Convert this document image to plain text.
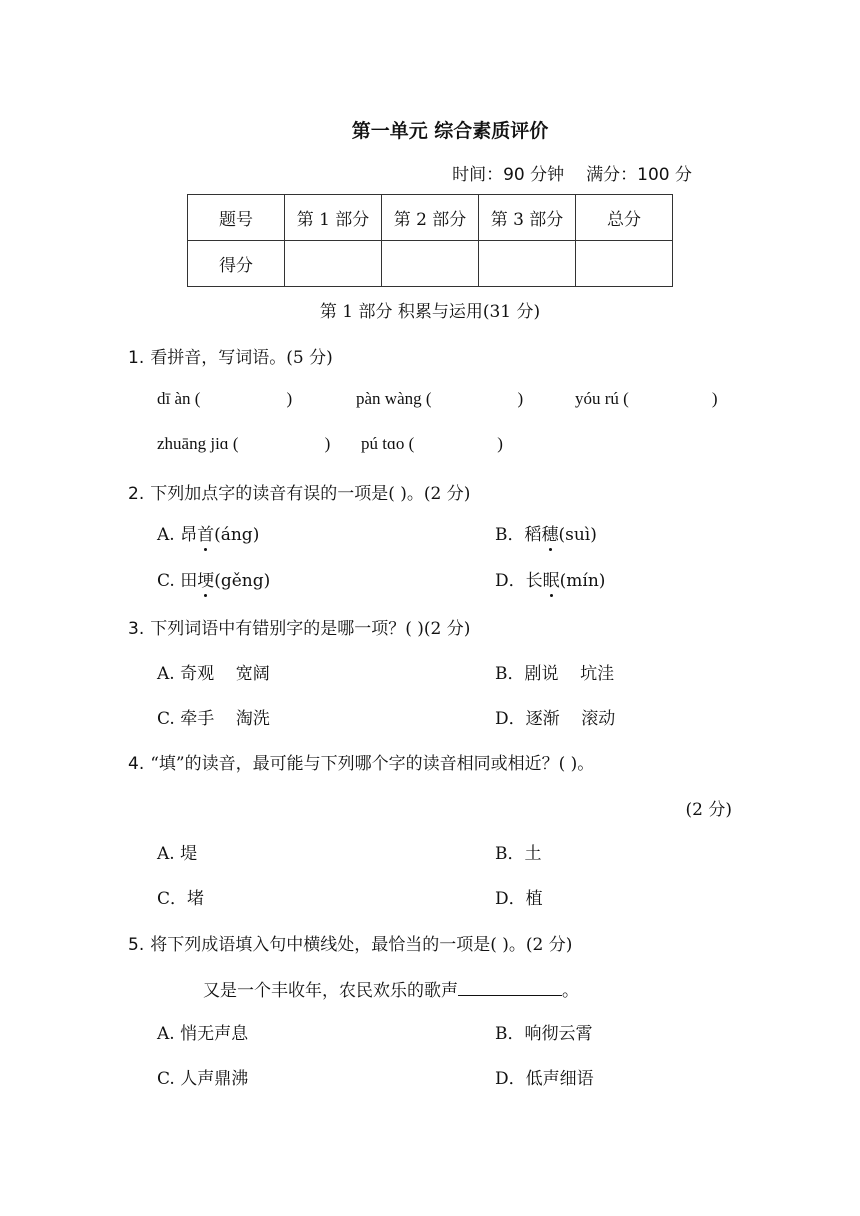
第一单元 综合素质评价
时间：90 分钟 满分：100 分
题号	第 1 部分	第 2 部分	第 3 部分	总分
得分				
第 1 部分 积累与运用(31 分)
1. 看拼音，写词语。(5 分)
dī àn (	)	pàn wàng (	)	yóu rú (	)
zhuāng jiɑ (	) pú tɑo (	)
2. 下列加点字的读音有误的一项是( )。(2 分)
A. 昂首(áng)	B．稻穗(suì)
C. 田埂(gěng)	D．长眠(mín)
3. 下列词语中有错别字的是哪一项？( )(2 分)
A. 奇观    宽阔	B．剧说    坑洼
C. 牵手    淘洗	D．逐渐    滚动
4. “填”的读音，最可能与下列哪个字的读音相同或相近？( )。
(2 分)
A. 堤	B．土
C．堵	D．植
5. 将下列成语填入句中横线处，最恰当的一项是( )。(2 分)
又是一个丰收年，农民欢乐的歌声	。
A. 悄无声息	B．响彻云霄
C. 人声鼎沸	D．低声细语
